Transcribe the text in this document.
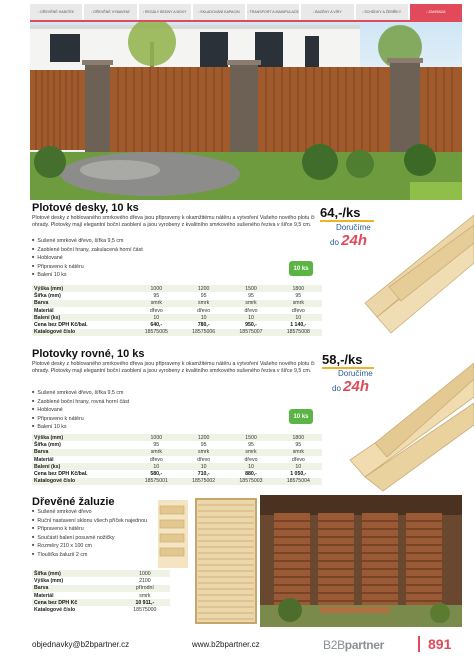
▪ DŘEVĚNÉ HABITÉK	▪ DŘEVĚNÉ VYBAVENÍ	▪ REGÁLY BEDNY A BOXY	▪ SKLADOVÁNÍ KAPACIN	▪ TRANSPORT A MANIPULACE	▪ BAZÉNY A VÍRY	▪ SCHŮDKY A ŽEBŘÍKY	▪ ZAHRADA
Plotové desky, 10 ks
Plotové desky z hoblovaného smrkového dřeva jsou připraveny k okamžitému nátěru a vytvoření Vašeho nového plotu či ohrady. Plotovky mají elegantní boční zaoblení a jsou vyrobeny z kvalitního smrkového sušeného řeziva v šířce 9,5 cm.
■ Sušené smrkové dřevo, šířka 9,5 cm
■ Zaoblené boční hrany, zakulacená horní část
■ Hoblované
■ Připraveno k nátěru
■ Balení 10 ks
10 ks
Výška (mm)	1000	1200	1500	1800
Šířka (mm)	95	95	95	95
Barva	smrk	smrk	smrk	smrk
Materiál	dřevo	dřevo	dřevo	dřevo
Balení (ks)	10	10	10	10
Cena bez DPH Kč/bal.	640,-	780,-	950,-	1 140,-
Katalogové číslo	18575005	18575006	18575007	18575008
64,-/ks
Doručíme
do 24h
Plotovky rovné, 10 ks
Plotové desky z hoblovaného smrkového dřeva jsou připraveny k okamžitému nátěru a vytvoření Vašeho nového plotu či ohrady. Plotovky mají elegantní boční zaoblení a jsou vyrobeny z kvalitního smrkového sušeného řeziva v šířce 9,5 cm.
■ Sušené smrkové dřevo, šířka 9,5 cm
■ Zaoblené boční hrany, rovná horní část
■ Hoblované
■ Připraveno k nátěru
■ Balení 10 ks
10 ks
Výška (mm)	1000	1200	1500	1800
Šířka (mm)	95	95	95	95
Barva	smrk	smrk	smrk	smrk
Materiál	dřevo	dřevo	dřevo	dřevo
Balení (ks)	10	10	10	10
Cena bez DPH Kč/bal.	580,-	710,-	880,-	1 050,-
Katalogové číslo	18575001	18575002	18575003	18575004
58,-/ks
Doručíme
do 24h
Dřevěné žaluzie
■ Sušené smrkové dřevo
■ Ruční nastavení sklonu všech příček najednou
■ Připraveno k nátěru
■ Součástí balení posuvné nožičky
■ Rozměry 210 x 100 cm
■ Tloušťka žaluzií 2 cm
Šířka (mm)	1000
Výška (mm)	2100
Barva	přírodní
Materiál	smrk
Cena bez DPH Kč	10 911,-
Katalogové číslo	18575000
objednavky@b2bpartner.cz	www.b2bpartner.cz	B2Bpartner	891
